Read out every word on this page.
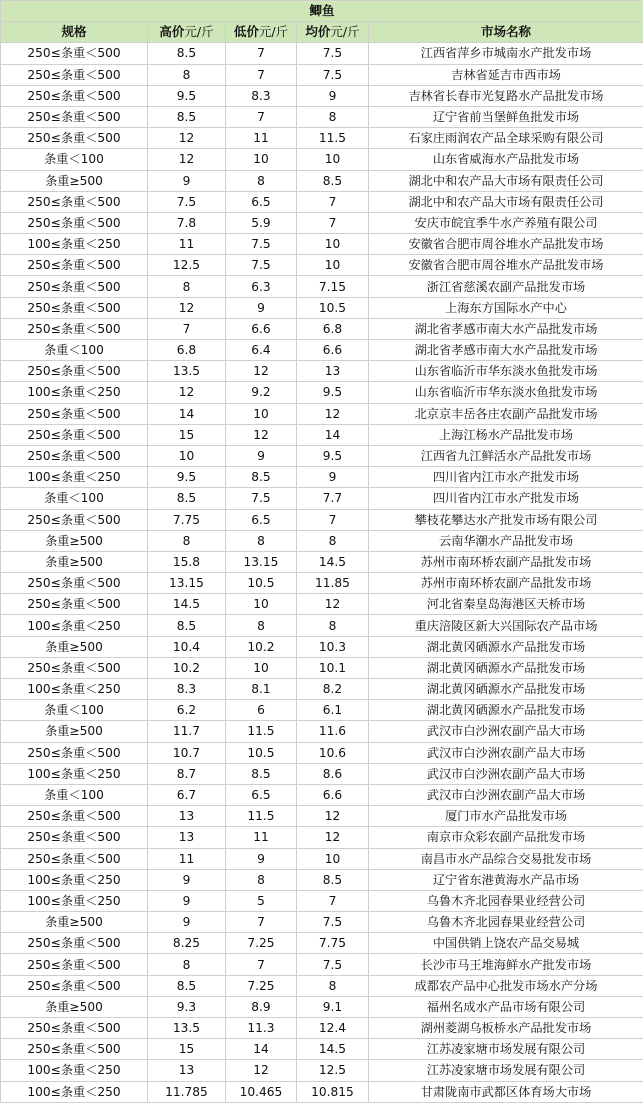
鲫鱼				
规格	高价元/斤	低价元/斤	均价元/斤	市场名称
250≤条重＜500	8.5	7	7.5	江西省萍乡市城南水产批发市场
250≤条重＜500	8	7	7.5	吉林省延吉市西市场
250≤条重＜500	9.5	8.3	9	吉林省长春市光复路水产品批发市场
250≤条重＜500	8.5	7	8	辽宁省前当堡鲜鱼批发市场
250≤条重＜500	12	11	11.5	石家庄雨润农产品全球采购有限公司
条重＜100	12	10	10	山东省威海水产品批发市场
条重≥500	9	8	8.5	湖北中和农产品大市场有限责任公司
250≤条重＜500	7.5	6.5	7	湖北中和农产品大市场有限责任公司
250≤条重＜500	7.8	5.9	7	安庆市皖宜季牛水产养殖有限公司
100≤条重＜250	11	7.5	10	安徽省合肥市周谷堆水产品批发市场
250≤条重＜500	12.5	7.5	10	安徽省合肥市周谷堆水产品批发市场
250≤条重＜500	8	6.3	7.15	浙江省慈溪农副产品批发市场
250≤条重＜500	12	9	10.5	上海东方国际水产中心
250≤条重＜500	7	6.6	6.8	湖北省孝感市南大水产品批发市场
条重＜100	6.8	6.4	6.6	湖北省孝感市南大水产品批发市场
250≤条重＜500	13.5	12	13	山东省临沂市华东淡水鱼批发市场
100≤条重＜250	12	9.2	9.5	山东省临沂市华东淡水鱼批发市场
250≤条重＜500	14	10	12	北京京丰岳各庄农副产品批发市场
250≤条重＜500	15	12	14	上海江杨水产品批发市场
250≤条重＜500	10	9	9.5	江西省九江鲜活水产品批发市场
100≤条重＜250	9.5	8.5	9	四川省内江市水产批发市场
条重＜100	8.5	7.5	7.7	四川省内江市水产批发市场
250≤条重＜500	7.75	6.5	7	攀枝花攀达水产批发市场有限公司
条重≥500	8	8	8	云南华潮水产品批发市场
条重≥500	15.8	13.15	14.5	苏州市南环桥农副产品批发市场
250≤条重＜500	13.15	10.5	11.85	苏州市南环桥农副产品批发市场
250≤条重＜500	14.5	10	12	河北省秦皇岛海港区天桥市场
100≤条重＜250	8.5	8	8	重庆涪陵区新大兴国际农产品市场
条重≥500	10.4	10.2	10.3	湖北黄冈硒源水产品批发市场
250≤条重＜500	10.2	10	10.1	湖北黄冈硒源水产品批发市场
100≤条重＜250	8.3	8.1	8.2	湖北黄冈硒源水产品批发市场
条重＜100	6.2	6	6.1	湖北黄冈硒源水产品批发市场
条重≥500	11.7	11.5	11.6	武汉市白沙洲农副产品大市场
250≤条重＜500	10.7	10.5	10.6	武汉市白沙洲农副产品大市场
100≤条重＜250	8.7	8.5	8.6	武汉市白沙洲农副产品大市场
条重＜100	6.7	6.5	6.6	武汉市白沙洲农副产品大市场
250≤条重＜500	13	11.5	12	厦门市水产品批发市场
250≤条重＜500	13	11	12	南京市众彩农副产品批发市场
250≤条重＜500	11	9	10	南昌市水产品综合交易批发市场
100≤条重＜250	9	8	8.5	辽宁省东港黄海水产品市场
100≤条重＜250	9	5	7	乌鲁木齐北园春果业经营公司
条重≥500	9	7	7.5	乌鲁木齐北园春果业经营公司
250≤条重＜500	8.25	7.25	7.75	中国供销上饶农产品交易城
250≤条重＜500	8	7	7.5	长沙市马王堆海鲜水产批发市场
250≤条重＜500	8.5	7.25	8	成都农产品中心批发市场水产分场
条重≥500	9.3	8.9	9.1	福州名成水产品市场有限公司
250≤条重＜500	13.5	11.3	12.4	湖州菱湖乌板桥水产品批发市场
250≤条重＜500	15	14	14.5	江苏凌家塘市场发展有限公司
100≤条重＜250	13	12	12.5	江苏凌家塘市场发展有限公司
100≤条重＜250	11.785	10.465	10.815	甘肃陇南市武都区体育场大市场
